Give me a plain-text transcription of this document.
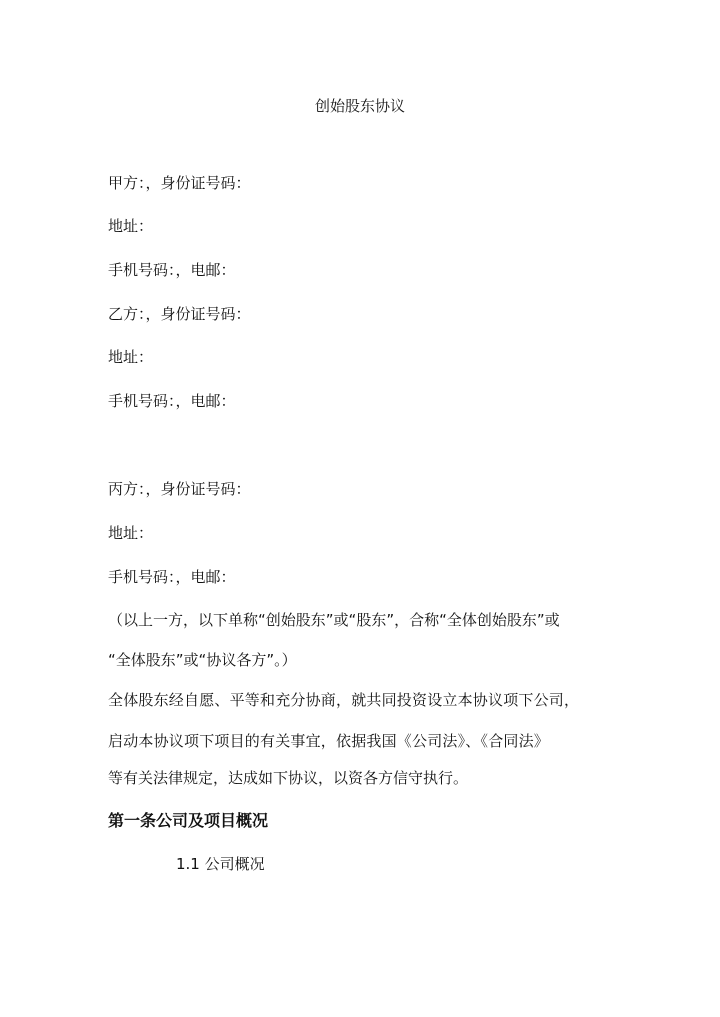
创始股东协议
甲方：，身份证号码：
地址：
手机号码：，电邮：
乙方：，身份证号码：
地址：
手机号码：，电邮：
丙方：，身份证号码：
地址：
手机号码：，电邮：
（以上一方，以下单称“创始股东”或“股东”，合称“全体创始股东”或
“全体股东”或“协议各方”。）
全体股东经自愿、平等和充分协商，就共同投资设立本协议项下公司，
启动本协议项下项目的有关事宜，依据我国《公司法》、《合同法》
等有关法律规定，达成如下协议，以资各方信守执行。
第一条公司及项目概况
1.1 公司概况
